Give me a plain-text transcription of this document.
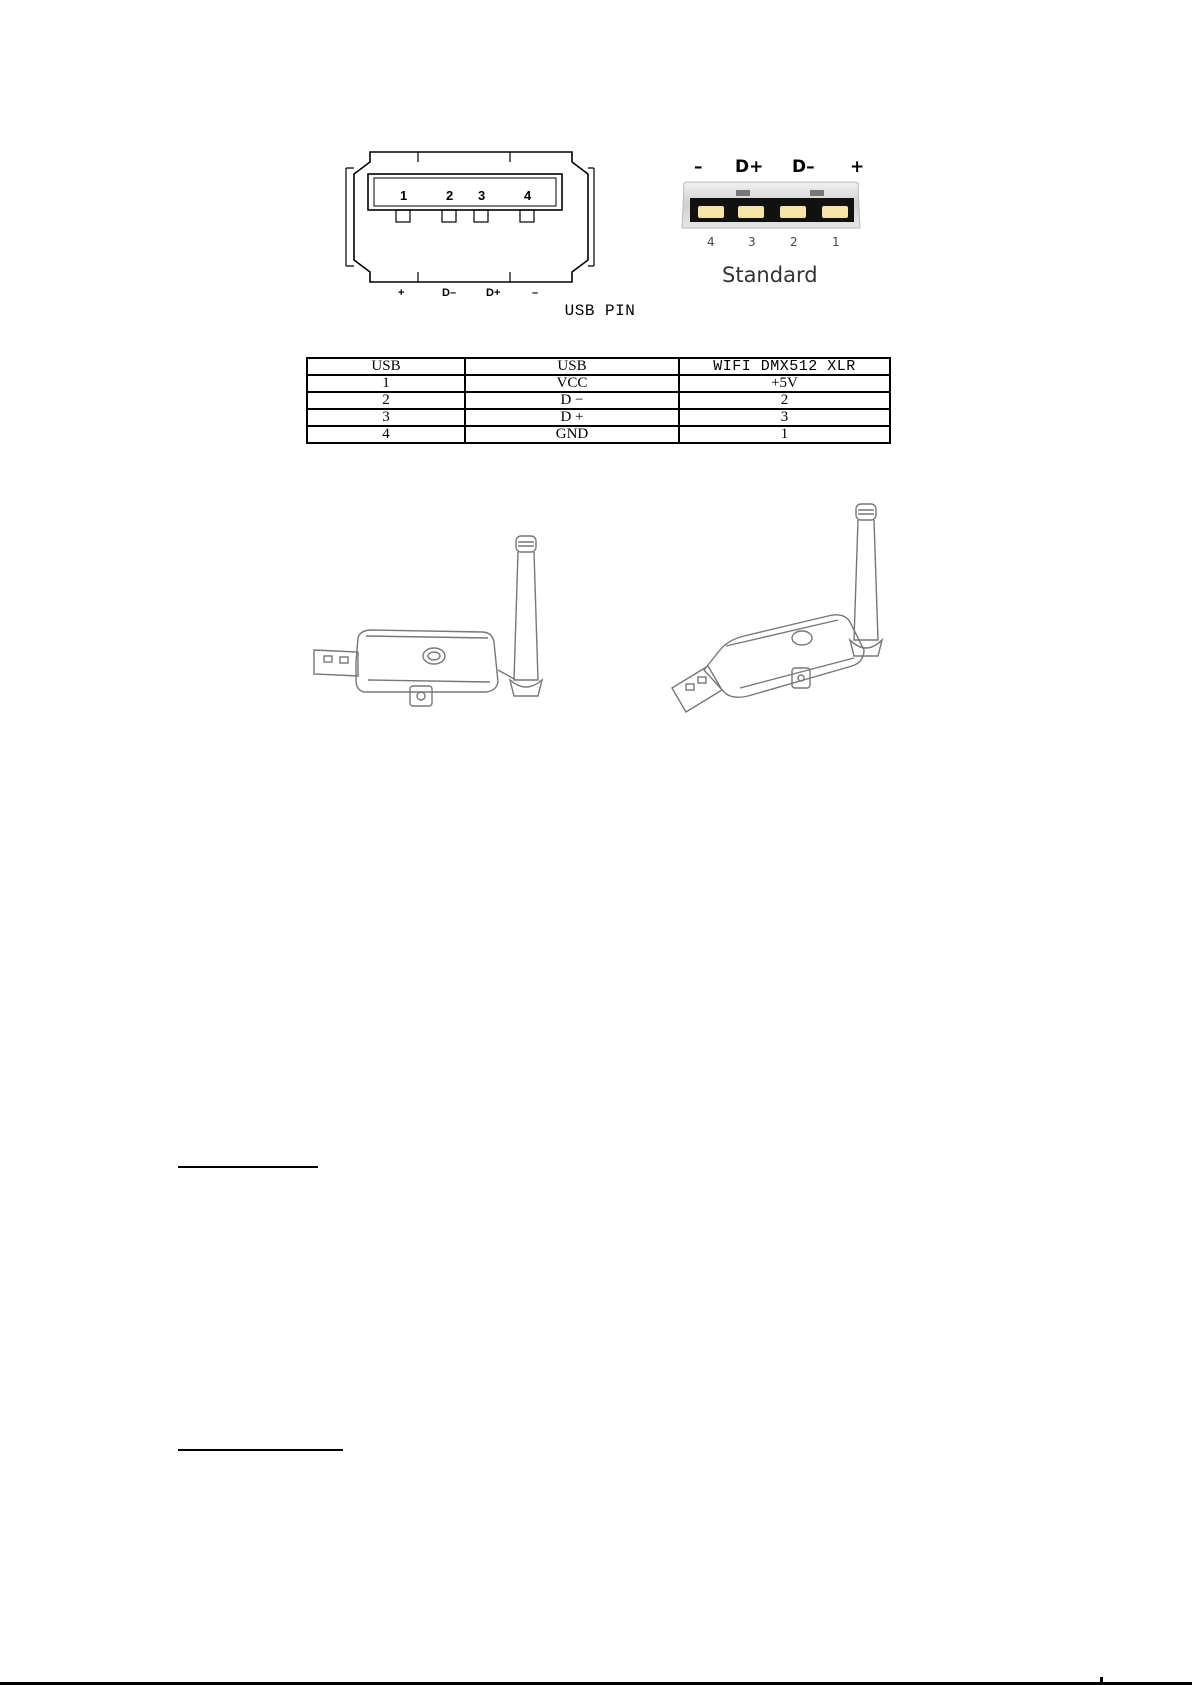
1	2 3	4
+	D–	D+	–
– D+ D– +
4	3	2	1
Standard
USB PIN
USB	USB	WIFI DMX512 XLR
1	VCC	+5V
2	D −	2
3	D +	3
4	GND	1
